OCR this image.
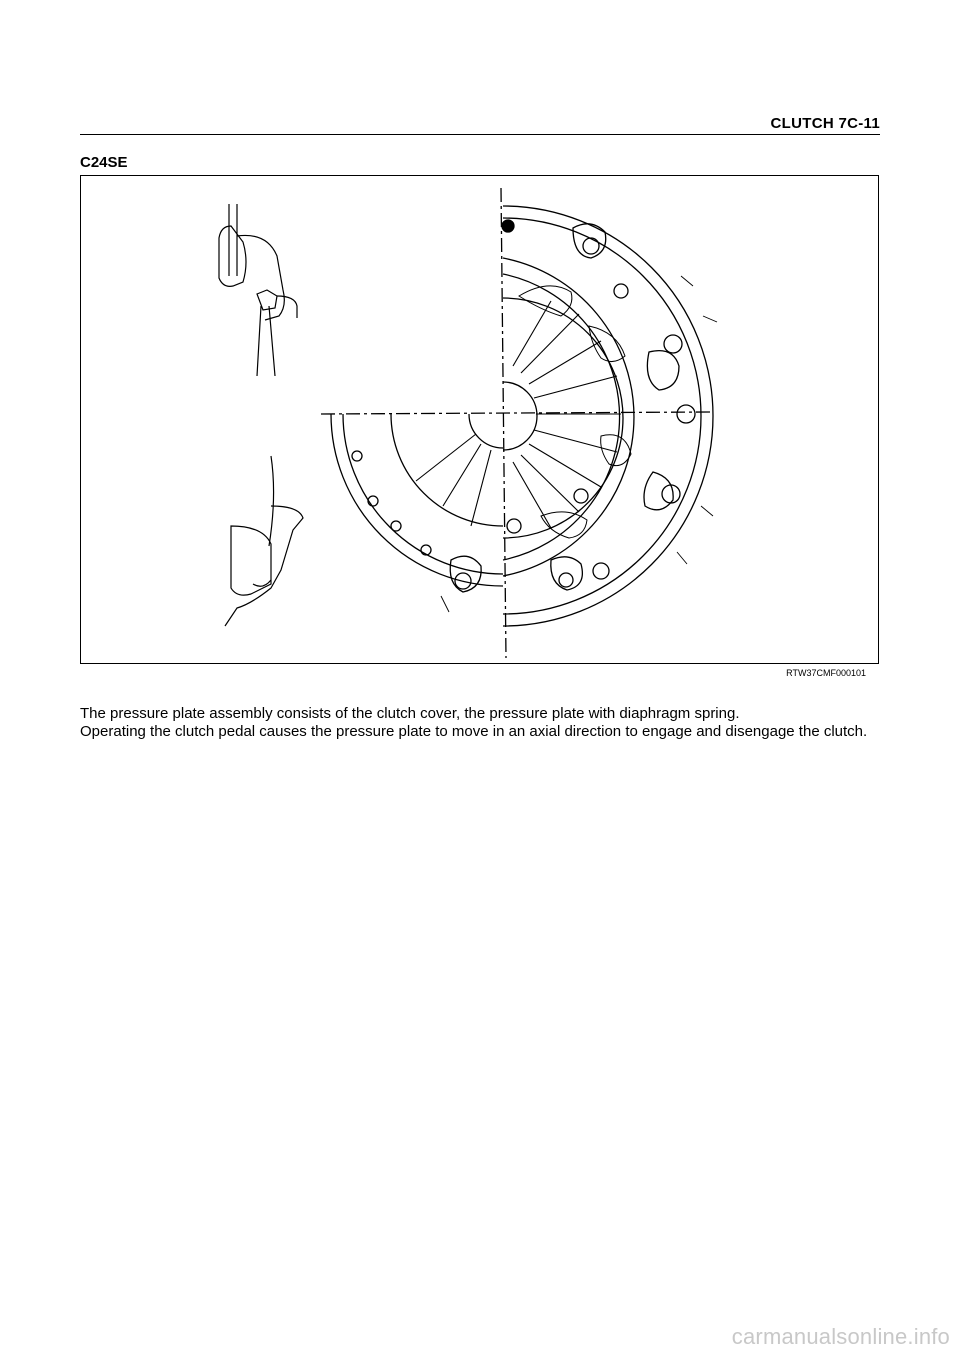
CLUTCH 7C-11
C24SE
RTW37CMF000101

The pressure plate assembly consists of the clutch cover, the pressure plate with diaphragm spring.

Operating the clutch pedal causes the pressure plate to move in an axial direction to engage and disengage the clutch.

carmanualsonline.info
